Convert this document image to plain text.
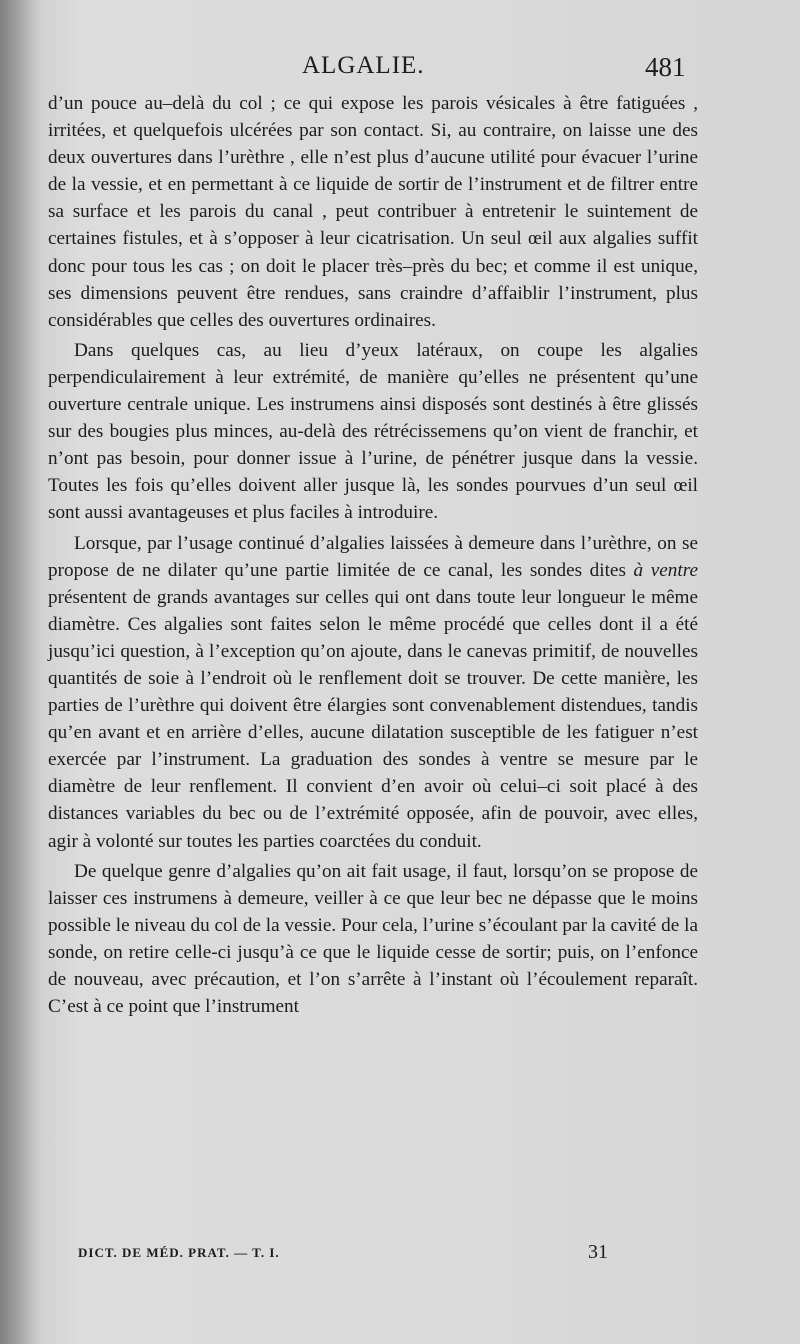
ALGALIE.	481

d’un pouce au–delà du col ; ce qui expose les parois vésicales à être fatiguées , irritées, et quelquefois ulcérées par son contact. Si, au contraire, on laisse une des deux ouvertures dans l’urèthre , elle n’est plus d’aucune utilité pour évacuer l’urine de la vessie, et en permettant à ce liquide de sortir de l’instrument et de filtrer entre sa surface et les parois du canal , peut contribuer à entretenir le suintement de certaines fistules, et à s’opposer à leur cicatrisation. Un seul œil aux algalies suffit donc pour tous les cas ; on doit le placer très–près du bec; et comme il est unique, ses dimensions peuvent être rendues, sans craindre d’affaiblir l’instrument, plus considérables que celles des ouvertures ordinaires.

Dans quelques cas, au lieu d’yeux latéraux, on coupe les algalies perpendiculairement à leur extrémité, de manière qu’elles ne présentent qu’une ouverture centrale unique. Les instrumens ainsi disposés sont destinés à être glissés sur des bougies plus minces, au-delà des rétrécissemens qu’on vient de franchir, et n’ont pas besoin, pour donner issue à l’urine, de pénétrer jusque dans la vessie. Toutes les fois qu’elles doivent aller jusque là, les sondes pourvues d’un seul œil sont aussi avantageuses et plus faciles à introduire.

Lorsque, par l’usage continué d’algalies laissées à demeure dans l’urèthre, on se propose de ne dilater qu’une partie limitée de ce canal, les sondes dites à ventre présentent de grands avantages sur celles qui ont dans toute leur longueur le même diamètre. Ces algalies sont faites selon le même procédé que celles dont il a été jusqu’ici question, à l’exception qu’on ajoute, dans le canevas primitif, de nouvelles quantités de soie à l’endroit où le renflement doit se trouver. De cette manière, les parties de l’urèthre qui doivent être élargies sont convenablement distendues, tandis qu’en avant et en arrière d’elles, aucune dilatation susceptible de les fatiguer n’est exercée par l’instrument. La graduation des sondes à ventre se mesure par le diamètre de leur renflement. Il convient d’en avoir où celui–ci soit placé à des distances variables du bec ou de l’extrémité opposée, afin de pouvoir, avec elles, agir à volonté sur toutes les parties coarctées du conduit.

De quelque genre d’algalies qu’on ait fait usage, il faut, lorsqu’on se propose de laisser ces instrumens à demeure, veiller à ce que leur bec ne dépasse que le moins possible le niveau du col de la vessie. Pour cela, l’urine s’écoulant par la cavité de la sonde, on retire celle-ci jusqu’à ce que le liquide cesse de sortir; puis, on l’enfonce de nouveau, avec précaution, et l’on s’arrête à l’instant où l’écoulement reparaît. C’est à ce point que l’instrument

DICT. DE MÉD. PRAT. — T. I.	31
